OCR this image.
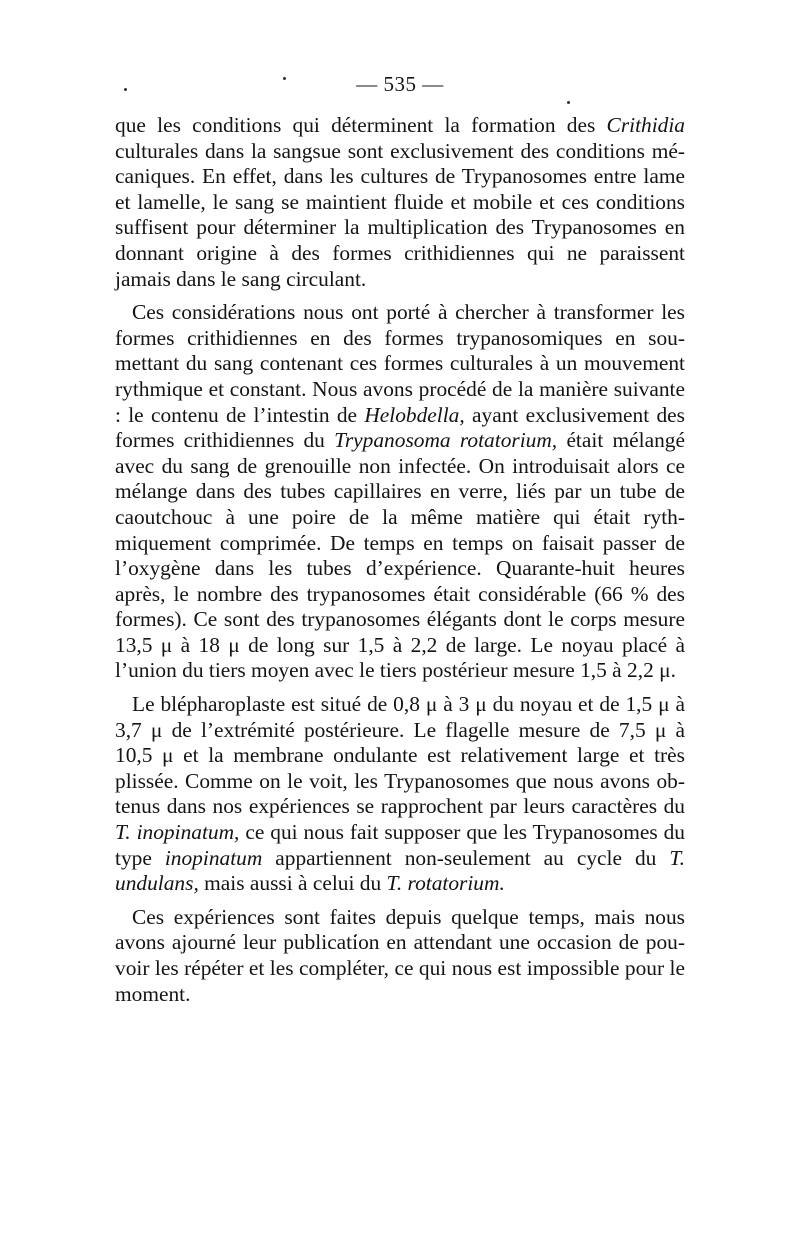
— 535 —

que les conditions qui déterminent la formation des Crithidia culturales dans la sangsue sont exclusivement des conditions mécaniques. En effet, dans les cultures de Trypanosomes entre lame et lamelle, le sang se maintient fluide et mobile et ces conditions suffisent pour déterminer la multiplication des Trypanosomes en donnant origine à des formes crithidiennes qui ne paraissent jamais dans le sang circulant.

Ces considérations nous ont porté à chercher à transformer les formes crithidiennes en des formes trypanosomiques en soumettant du sang contenant ces formes culturales à un mouvement rythmique et constant. Nous avons procédé de la manière suivante : le contenu de l’intestin de Helobdella, ayant exclusivement des formes crithidiennes du Trypanosoma rotatorium, était mélangé avec du sang de grenouille non infectée. On introduisait alors ce mélange dans des tubes capillaires en verre, liés par un tube de caoutchouc à une poire de la même matière qui était rythmiquement comprimée. De temps en temps on faisait passer de l’oxygène dans les tubes d’expérience. Quarante-huit heures après, le nombre des trypanosomes était considérable (66 % des formes). Ce sont des trypanosomes élégants dont le corps mesure 13,5 μ à 18 μ de long sur 1,5 à 2,2 de large. Le noyau placé à l’union du tiers moyen avec le tiers postérieur mesure 1,5 à 2,2 μ.

Le blépharoplaste est situé de 0,8 μ à 3 μ du noyau et de 1,5 μ à 3,7 μ de l’extrémité postérieure. Le flagelle mesure de 7,5 μ à 10,5 μ et la membrane ondulante est relativement large et très plissée. Comme on le voit, les Trypanosomes que nous avons obtenus dans nos expériences se rapprochent par leurs caractères du T. inopinatum, ce qui nous fait supposer que les Trypanosomes du type inopinatum appartiennent non-seulement au cycle du T. undulans, mais aussi à celui du T. rotatorium.

Ces expériences sont faites depuis quelque temps, mais nous avons ajourné leur publication en attendant une occasion de pouvoir les répéter et les compléter, ce qui nous est impossible pour le moment.
